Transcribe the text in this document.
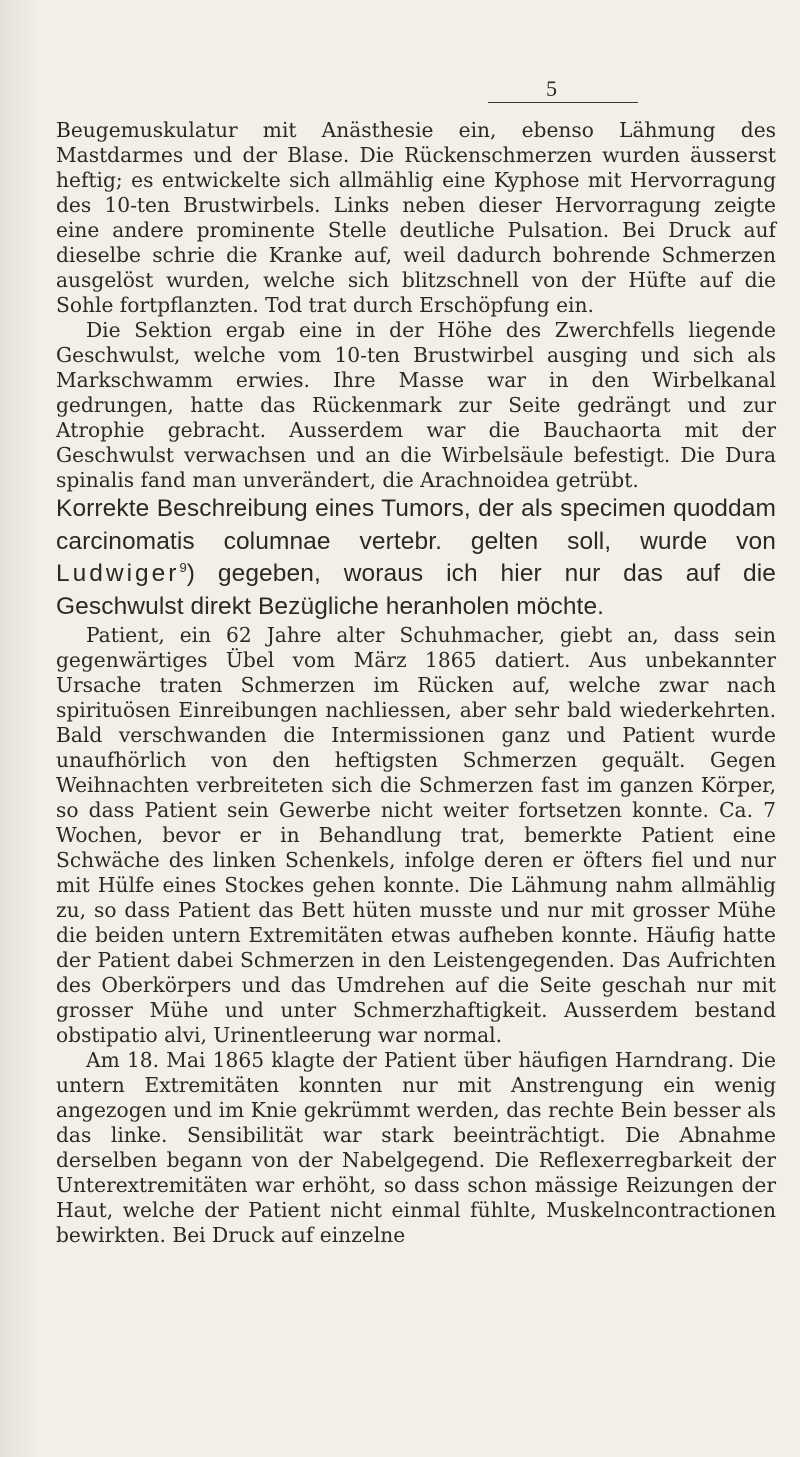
5

Beugemuskulatur mit Anästhesie ein, ebenso Lähmung des Mastdarmes und der Blase. Die Rückenschmerzen wurden äusserst heftig; es entwickelte sich allmählig eine Kyphose mit Hervorragung des 10-ten Brustwirbels. Links neben dieser Hervorragung zeigte eine andere prominente Stelle deutliche Pulsation. Bei Druck auf dieselbe schrie die Kranke auf, weil dadurch bohrende Schmerzen ausgelöst wurden, welche sich blitzschnell von der Hüfte auf die Sohle fortpflanzten. Tod trat durch Erschöpfung ein.

Die Sektion ergab eine in der Höhe des Zwerchfells liegende Geschwulst, welche vom 10-ten Brustwirbel ausging und sich als Markschwamm erwies. Ihre Masse war in den Wirbelkanal gedrungen, hatte das Rückenmark zur Seite gedrängt und zur Atrophie gebracht. Ausserdem war die Bauchaorta mit der Geschwulst verwachsen und an die Wirbelsäule befestigt. Die Dura spinalis fand man unverändert, die Arachnoidea getrübt.

Korrekte Beschreibung eines Tumors, der als specimen quoddam carcinomatis columnae vertebr. gelten soll, wurde von Ludwiger$^9$) gegeben, woraus ich hier nur das auf die Geschwulst direkt Bezügliche heranholen möchte.

Patient, ein 62 Jahre alter Schuhmacher, giebt an, dass sein gegenwärtiges Übel vom März 1865 datiert. Aus unbekannter Ursache traten Schmerzen im Rücken auf, welche zwar nach spirituösen Einreibungen nachliessen, aber sehr bald wiederkehrten. Bald verschwanden die Intermissionen ganz und Patient wurde unaufhörlich von den heftigsten Schmerzen gequält. Gegen Weihnachten verbreiteten sich die Schmerzen fast im ganzen Körper, so dass Patient sein Gewerbe nicht weiter fortsetzen konnte. Ca. 7 Wochen, bevor er in Behandlung trat, bemerkte Patient eine Schwäche des linken Schenkels, infolge deren er öfters fiel und nur mit Hülfe eines Stockes gehen konnte. Die Lähmung nahm allmählig zu, so dass Patient das Bett hüten musste und nur mit grosser Mühe die beiden untern Extremitäten etwas aufheben konnte. Häufig hatte der Patient dabei Schmerzen in den Leistengegenden. Das Aufrichten des Oberkörpers und das Umdrehen auf die Seite geschah nur mit grosser Mühe und unter Schmerzhaftigkeit. Ausserdem bestand obstipatio alvi, Urinentleerung war normal.

Am 18. Mai 1865 klagte der Patient über häufigen Harndrang. Die untern Extremitäten konnten nur mit Anstrengung ein wenig angezogen und im Knie gekrümmt werden, das rechte Bein besser als das linke. Sensibilität war stark beeinträchtigt. Die Abnahme derselben begann von der Nabelgegend. Die Reflexerregbarkeit der Unterextremitäten war erhöht, so dass schon mässige Reizungen der Haut, welche der Patient nicht einmal fühlte, Muskelncontractionen bewirkten. Bei Druck auf einzelne
